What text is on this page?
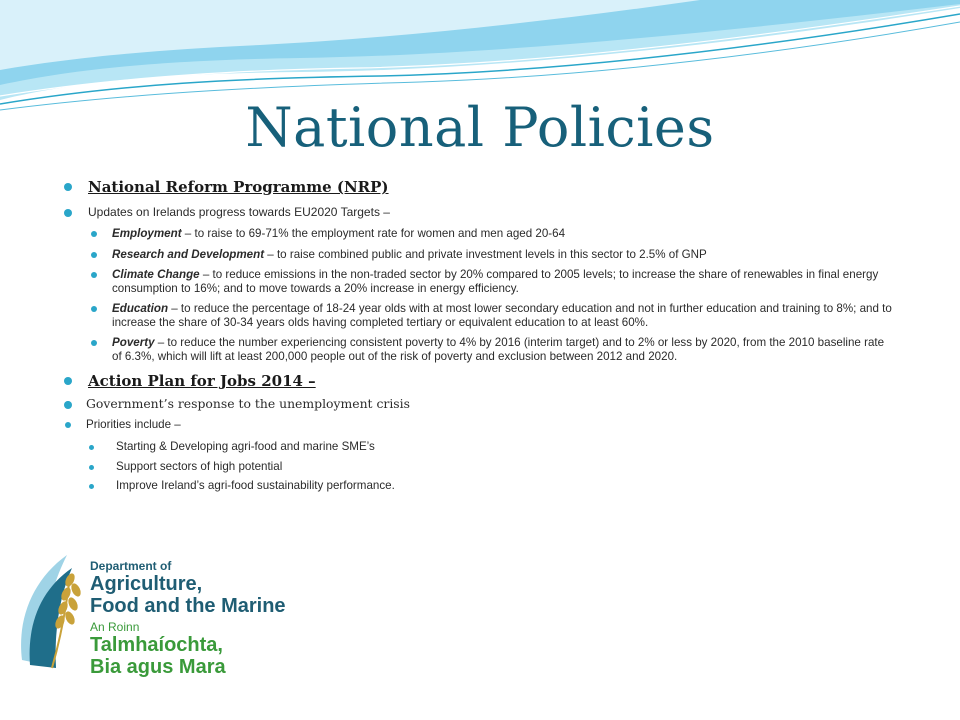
National Policies
National Reform Programme (NRP)
Updates on Irelands progress towards EU2020 Targets –
Employment – to raise to 69-71% the employment rate for women and men aged 20-64
Research and Development – to raise combined public and private investment levels in this sector to 2.5% of GNP
Climate Change – to reduce emissions in the non-traded sector by 20% compared to 2005 levels; to increase the share of renewables in final energy consumption to 16%; and to move towards a 20% increase in energy efficiency.
Education – to reduce the percentage of 18-24 year olds with at most lower secondary education and not in further education and training to 8%; and to increase the share of 30-34 years olds having completed tertiary or equivalent education to at least 60%.
Poverty – to reduce the number experiencing consistent poverty to 4% by 2016 (interim target) and to 2% or less by 2020, from the 2010 baseline rate of 6.3%, which will lift at least 200,000 people out of the risk of poverty and exclusion between 2012 and 2020.
Action Plan for Jobs 2014 –
Government’s response to the unemployment crisis
Priorities include –
Starting & Developing agri-food and marine SME’s
Support sectors of high potential
Improve Ireland’s agri-food sustainability performance.
Department of
Agriculture,
Food and the Marine
An Roinn
Talmhaíochta,
Bia agus Mara
